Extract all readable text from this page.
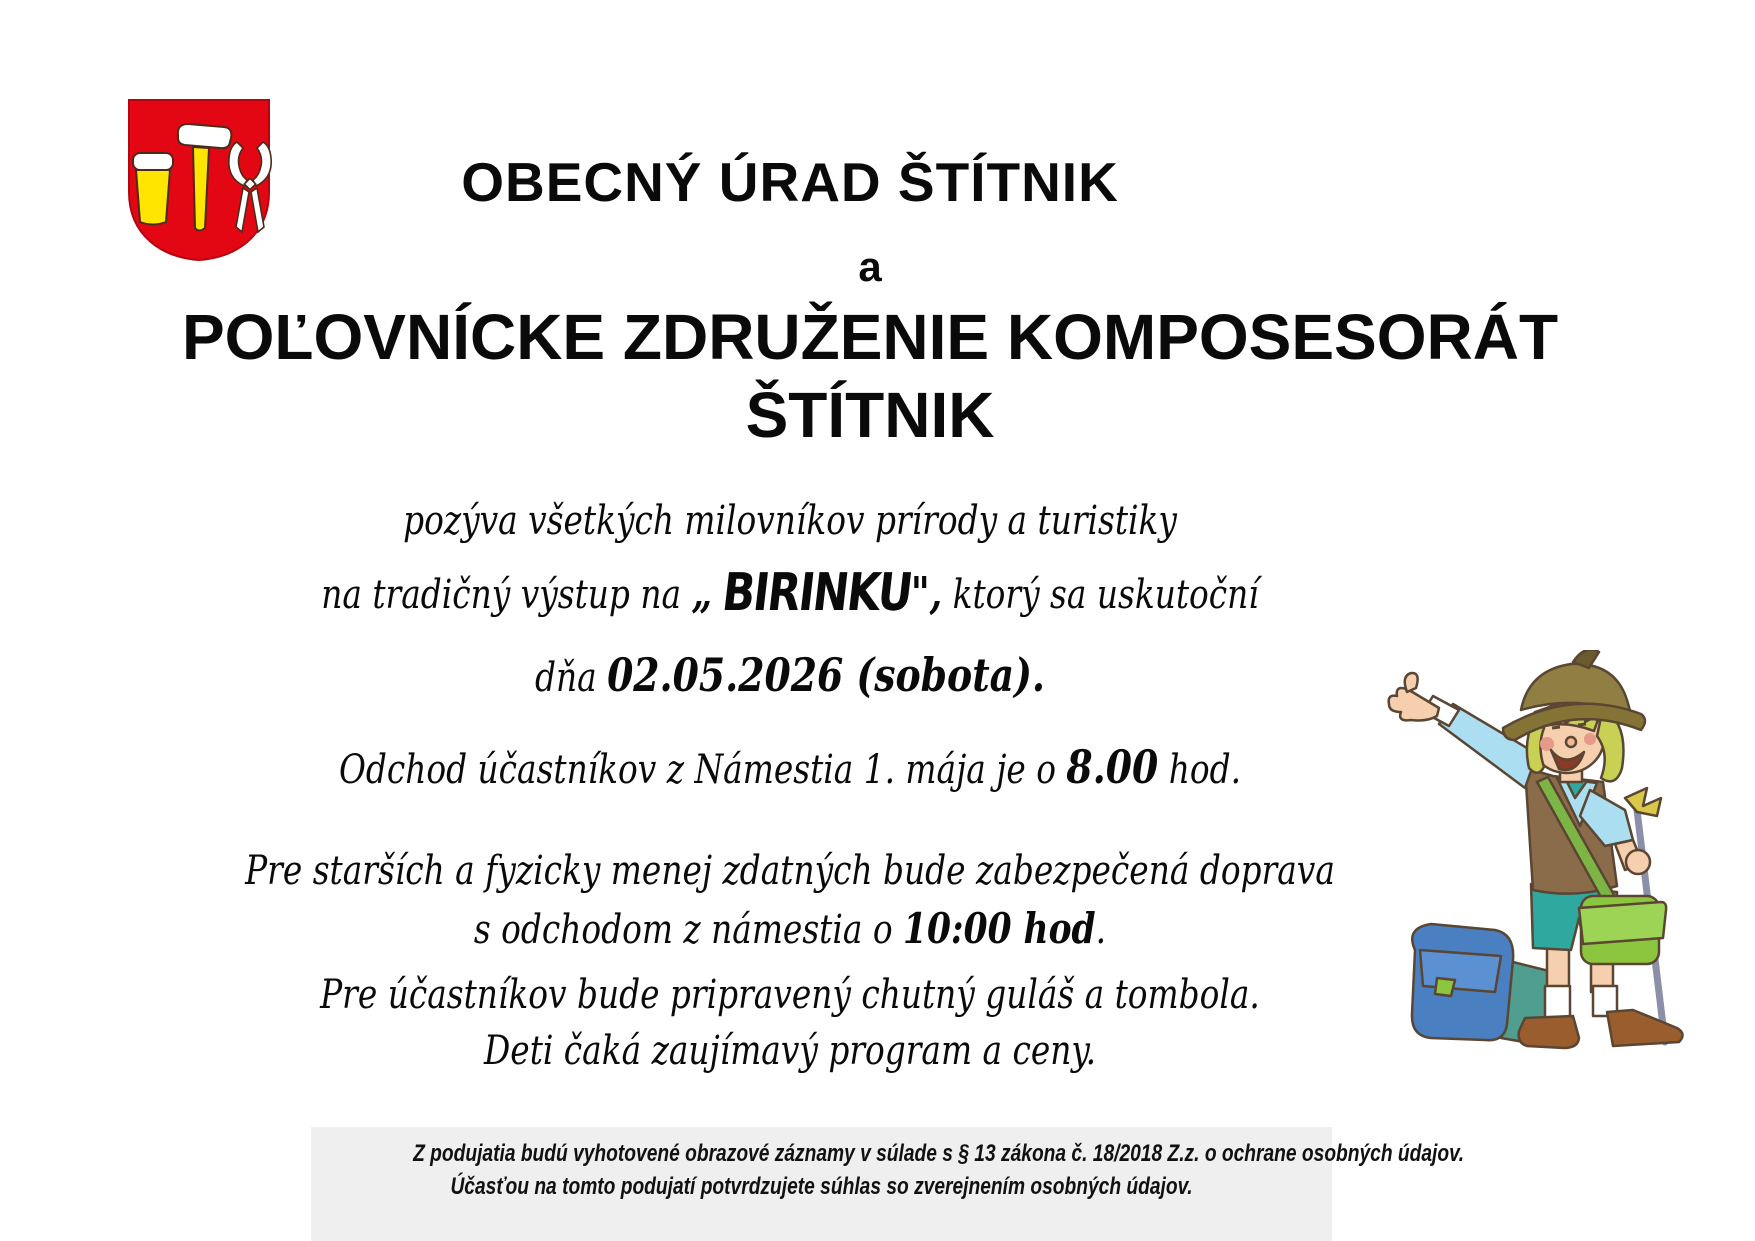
OBECNÝ ÚRAD ŠTÍTNIK
a
POĽOVNÍCKE ZDRUŽENIE KOMPOSESORÁT
ŠTÍTNIK
pozýva všetkých milovníkov prírody a turistiky
na tradičný výstup na „ BIRINKU", ktorý sa uskutoční
dňa 02.05.2026 (sobota).
Odchod účastníkov z Námestia 1. mája je o 8.00 hod.
Pre starších a fyzicky menej zdatných bude zabezpečená doprava
s odchodom z námestia o 10:00 hod.
Pre účastníkov bude pripravený chutný guláš a tombola.
Deti čaká zaujímavý program a ceny.
Z podujatia budú vyhotovené obrazové záznamy v súlade s § 13 zákona č. 18/2018 Z.z. o ochrane osobných údajov.
Účasťou na tomto podujatí potvrdzujete súhlas so zverejnením osobných údajov.
